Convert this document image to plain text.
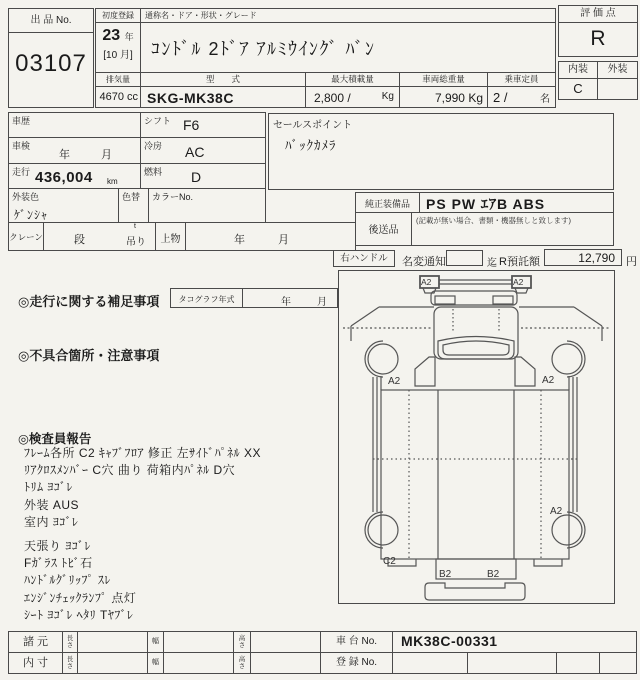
出 品 No.
03107
初度登録
23 年
[10 月]
通称名・ドア・形状・グレード
ｺﾝﾄﾞﾙ 2ﾄﾞｱ ｱﾙﾐｳｲﾝｸﾞ ﾊﾞﾝ
排気量
4670 cc
型　　式
SKG-MK38C
最大積載量
2,800 /	Kg
車両総重量
7,990 Kg
乗車定員
2 /	名
評 価 点
R
内装	外装
C
車歴	シフト F6
車検
年	月
冷房 AC
走行 436,004 km
燃料 D
外装色
ｹﾞﾝｼｬ
色替 カラーNo.
クレーン	段
t
吊り	上物	年	月
セールスポイント
ﾊﾞｯｸｶﾒﾗ
純正装備品	PS PW ｴｱB ABS
後送品
(記載が無い場合、書類・機器無しと致します)
右ハンドル	名変通知	迄 R預託額	12,790	円
◎走行に関する補足事項	タコグラフ年式	年	月
◎不具合箇所・注意事項
◎検査員報告
ﾌﾚｰﾑ各所 C2 ｷｬﾌﾞﾌﾛｱ 修正 左ｻｲﾄﾞﾊﾟﾈﾙ XX
ﾘｱｸﾛｽﾒﾝﾊﾞｰ C穴 曲り 荷箱内ﾊﾟﾈﾙ D穴
ﾄﾘﾑ ﾖｺﾞﾚ
外装 AUS
室内 ﾖｺﾞﾚ
天張り ﾖｺﾞﾚ
Fｶﾞﾗｽ ﾄﾋﾞ石
ﾊﾝﾄﾞﾙｸﾞﾘｯﾌﾟ ｽﾚ
ｴﾝｼﾞﾝﾁｪｯｸﾗﾝﾌﾟ 点灯
ｼｰﾄ ﾖｺﾞﾚ ﾍﾀﾘ Tﾔﾌﾞﾚ
A2	A2
A2	A2
A2
C2
B2	B2
諸 元	長
さ
幅	高
さ	車 台 No.	MK38C-00331
内 寸	長
さ
幅	高
さ	登 録 No.
